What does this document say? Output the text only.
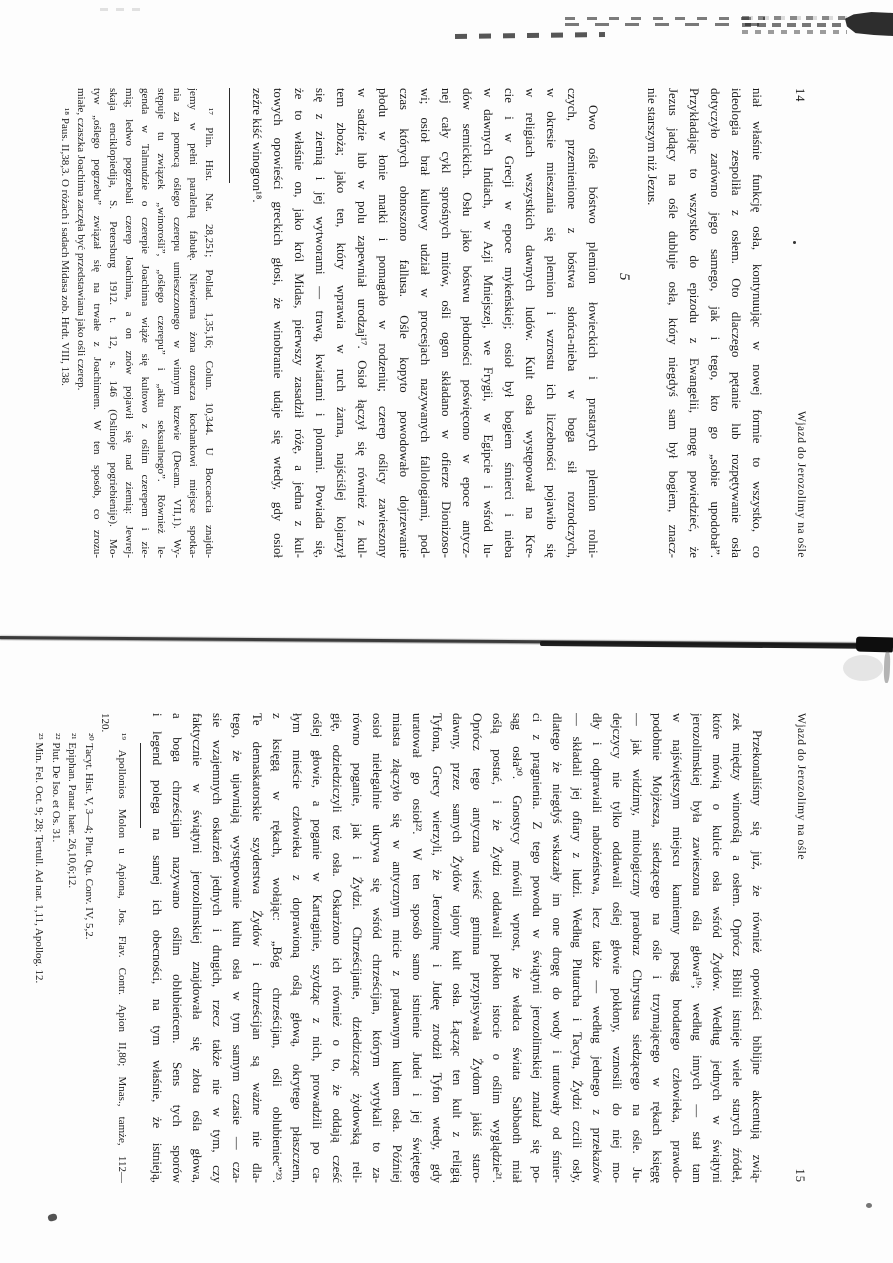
14
Wjazd do Jerozolimy na ośle
niał właśnie funkcję osła, kontynuując w nowej formie to wszystko, co
ideologia zespoliła z osłem. Oto dlaczego pętanie lub rozpętywanie osła
dotyczyło zarówno jego samego, jak i tego, kto go „sobie upodobał”.
Przykładając to wszystko do epizodu z Ewangelii, mogę powiedzieć, że
Jezus jadący na ośle dubluje osła, który niegdyś sam był bogiem, znacz-
nie starszym niż Jezus.
5
Owo ośle bóstwo plemion łowieckich i prastarych plemion rolni-
czych, przemienione z bóstwa słońca-nieba w boga sił rozrodczych,
w okresie mieszania się plemion i wzrostu ich liczebności pojawiło się
w religiach wszystkich dawnych ludów. Kult osła występował na Kre-
cie i w Grecji w epoce mykeńskiej; osioł był bogiem śmierci i nieba
w dawnych Indiach, w Azji Mniejszej, we Frygii, w Egipcie i wśród lu-
dów semickich. Osłu jako bóstwu płodności poświęcono w epoce antycz-
nej cały cykl sprośnych mitów, ośli ogon składano w ofierze Dionizoso-
wi; osioł brał kultowy udział w procesjach nazywanych fallologiami, pod-
czas których obnoszono fallusa. Ośle kopyto powodowało dojrzewanie
płodu w łonie matki i pomagało w rodzeniu; czerep oślicy zawieszony
w sadzie lub w polu zapewniał urodzaj¹⁷. Osioł łączył się również z kul-
tem zboża; jako ten, który wprawia w ruch żarna, najściślej kojarzył
się z ziemią i jej wytworami — trawą, kwiatami i plonami. Powiada się,
że to właśnie on, jako król Midas, pierwszy zasadził różę, a jedna z kul-
towych opowieści greckich głosi, że winobranie udaje się wtedy, gdy osioł
zeźre kiść winogron¹⁸.
¹⁷ Plin. Hist. Nat. 28,251; Pollad. 1,35,16; Colun. 10,344. U Boccaccia znajdu-
jemy w pełni paralelną fabułę. Niewierna żona oznacza kochankowi miejsce spotka-
nia za pomocą oślego czerepu umieszczonego w winnym krzewie (Decam. VII,1). Wy-
stępuje tu związek „winorośli”, „oślego czerepu” i „aktu seksualnego”. Również le-
genda w Talmudzie o czerepie Joachima wiąże się kultowo z oślim czerepem i zie-
mią; ledwo pogrzebali czerep Joachima, a on znów pojawił się nad ziemią: Jewrej-
skaja enciklopiedija, S. Petersburg 1912. t. 12, s. 146 (Oslinoje pogriebienije). Mo-
tyw „oślego pogrzebu” związał się na trwałe z Joachimem. W ten sposób, co zrozu-
miałe, czaszka Joachima zaczęła być przedstawiana jako ośli czerep.
¹⁸ Paus. II,38,3. O różach i sadach Midasa zob. Hrdt. VIII, 138.
Wjazd do Jerozolimy na ośle
15
Przekonaliśmy się już, że również opowieści biblijne akcentują zwią-
zek między winoroślą a osłem. Oprócz Biblii istnieje wiele starych źródeł,
które mówią o kulcie osła wśród Żydów. Według jednych w świątyni
jerozolimskiej była zawieszona ośla głowa¹⁹; według innych — stał tam
w najświętszym miejscu kamienny posąg brodatego człowieka, prawdo-
podobnie Mojżesza, siedzącego na ośle i trzymającego w rękach księgę
— jak widzimy, mitologiczny praobraz Chrystusa siedzącego na ośle. Ju-
dejczycy nie tylko oddawali oślej głowie pokłony, wznosili do niej mo-
dły i odprawiali nabożeństwa, lecz także — według jednego z przekazów
— składali jej ofiary z ludzi. Według Plutarcha i Tacyta, Żydzi czcili osły,
dlatego że niegdyś wskazały im one drogę do wody i uratowały od śmier-
ci z pragnienia. Z tego powodu w świątyni jerozolimskiej znalazł się po-
sąg osła²⁰. Gnostycy mówili wprost, że władca świata Sabbaoth miał
oślą postać, i że Żydzi oddawali pokłon istocie o oślim wyglądzie²¹.
Oprócz tego antyczna wieść gminna przypisywała Żydom jakiś staro-
dawny, przez samych Żydów tajony kult osła. Łącząc ten kult z religią
Tyfona, Grecy wierzyli, że Jerozolimę i Judeę zrodził Tyfon wtedy, gdy
uratował go osioł²². W ten sposób samo istnienie Judei i jej świętego
miasta złączyło się w antycznym micie z pradawnym kultem osła. Później
osioł nielegalnie ukrywa się wśród chrześcijan, którym wytykali to za-
równo poganie, jak i Żydzi. Chrześcijanie, dziedzicząc żydowską reli-
gię, odziedziczyli też osła. Oskarżono ich również o to, że oddają cześć
oślej głowie, a poganie w Kartaginie, szydząc z nich, prowadzili po ca-
łym mieście człowieka z doprawioną oślą głową, okrytego płaszczem,
z księgą w rękach, wołając: „Bóg chrześcijan, ośli oblubieniec”²³.
Te demaskatorskie szyderstwa Żydów i chrześcijan są ważne nie dla-
tego, że ujawniają występowanie kultu osła w tym samym czasie — cza-
sie wzajemnych oskarżeń jednych i drugich, rzecz także nie w tym, czy
faktycznie w świątyni jerozolimskiej znajdowała się złota ośla głowa,
a boga chrześcijan nazywano oślim oblubieńcem. Sens tych sporów
i legend polega na samej ich obecności, na tym właśnie, że istnieją,
¹⁹ Apollonios Molon u Apiona, Jos. Flav. Contr. Apion II,80; Mnas., tamże, 112—
120.
²⁰ Tacyt. Hist. V, 3—4; Plut. Qu. Conv. IV, 5,2.
²¹ Epiphan. Panar. haer. 26,10,6;12.
²² Plut. De Iso. et Os. 31.
²³ Min. Fel. Oct. 9; 28; Tertull. Ad nat. 1,11, Apollog. 12.
